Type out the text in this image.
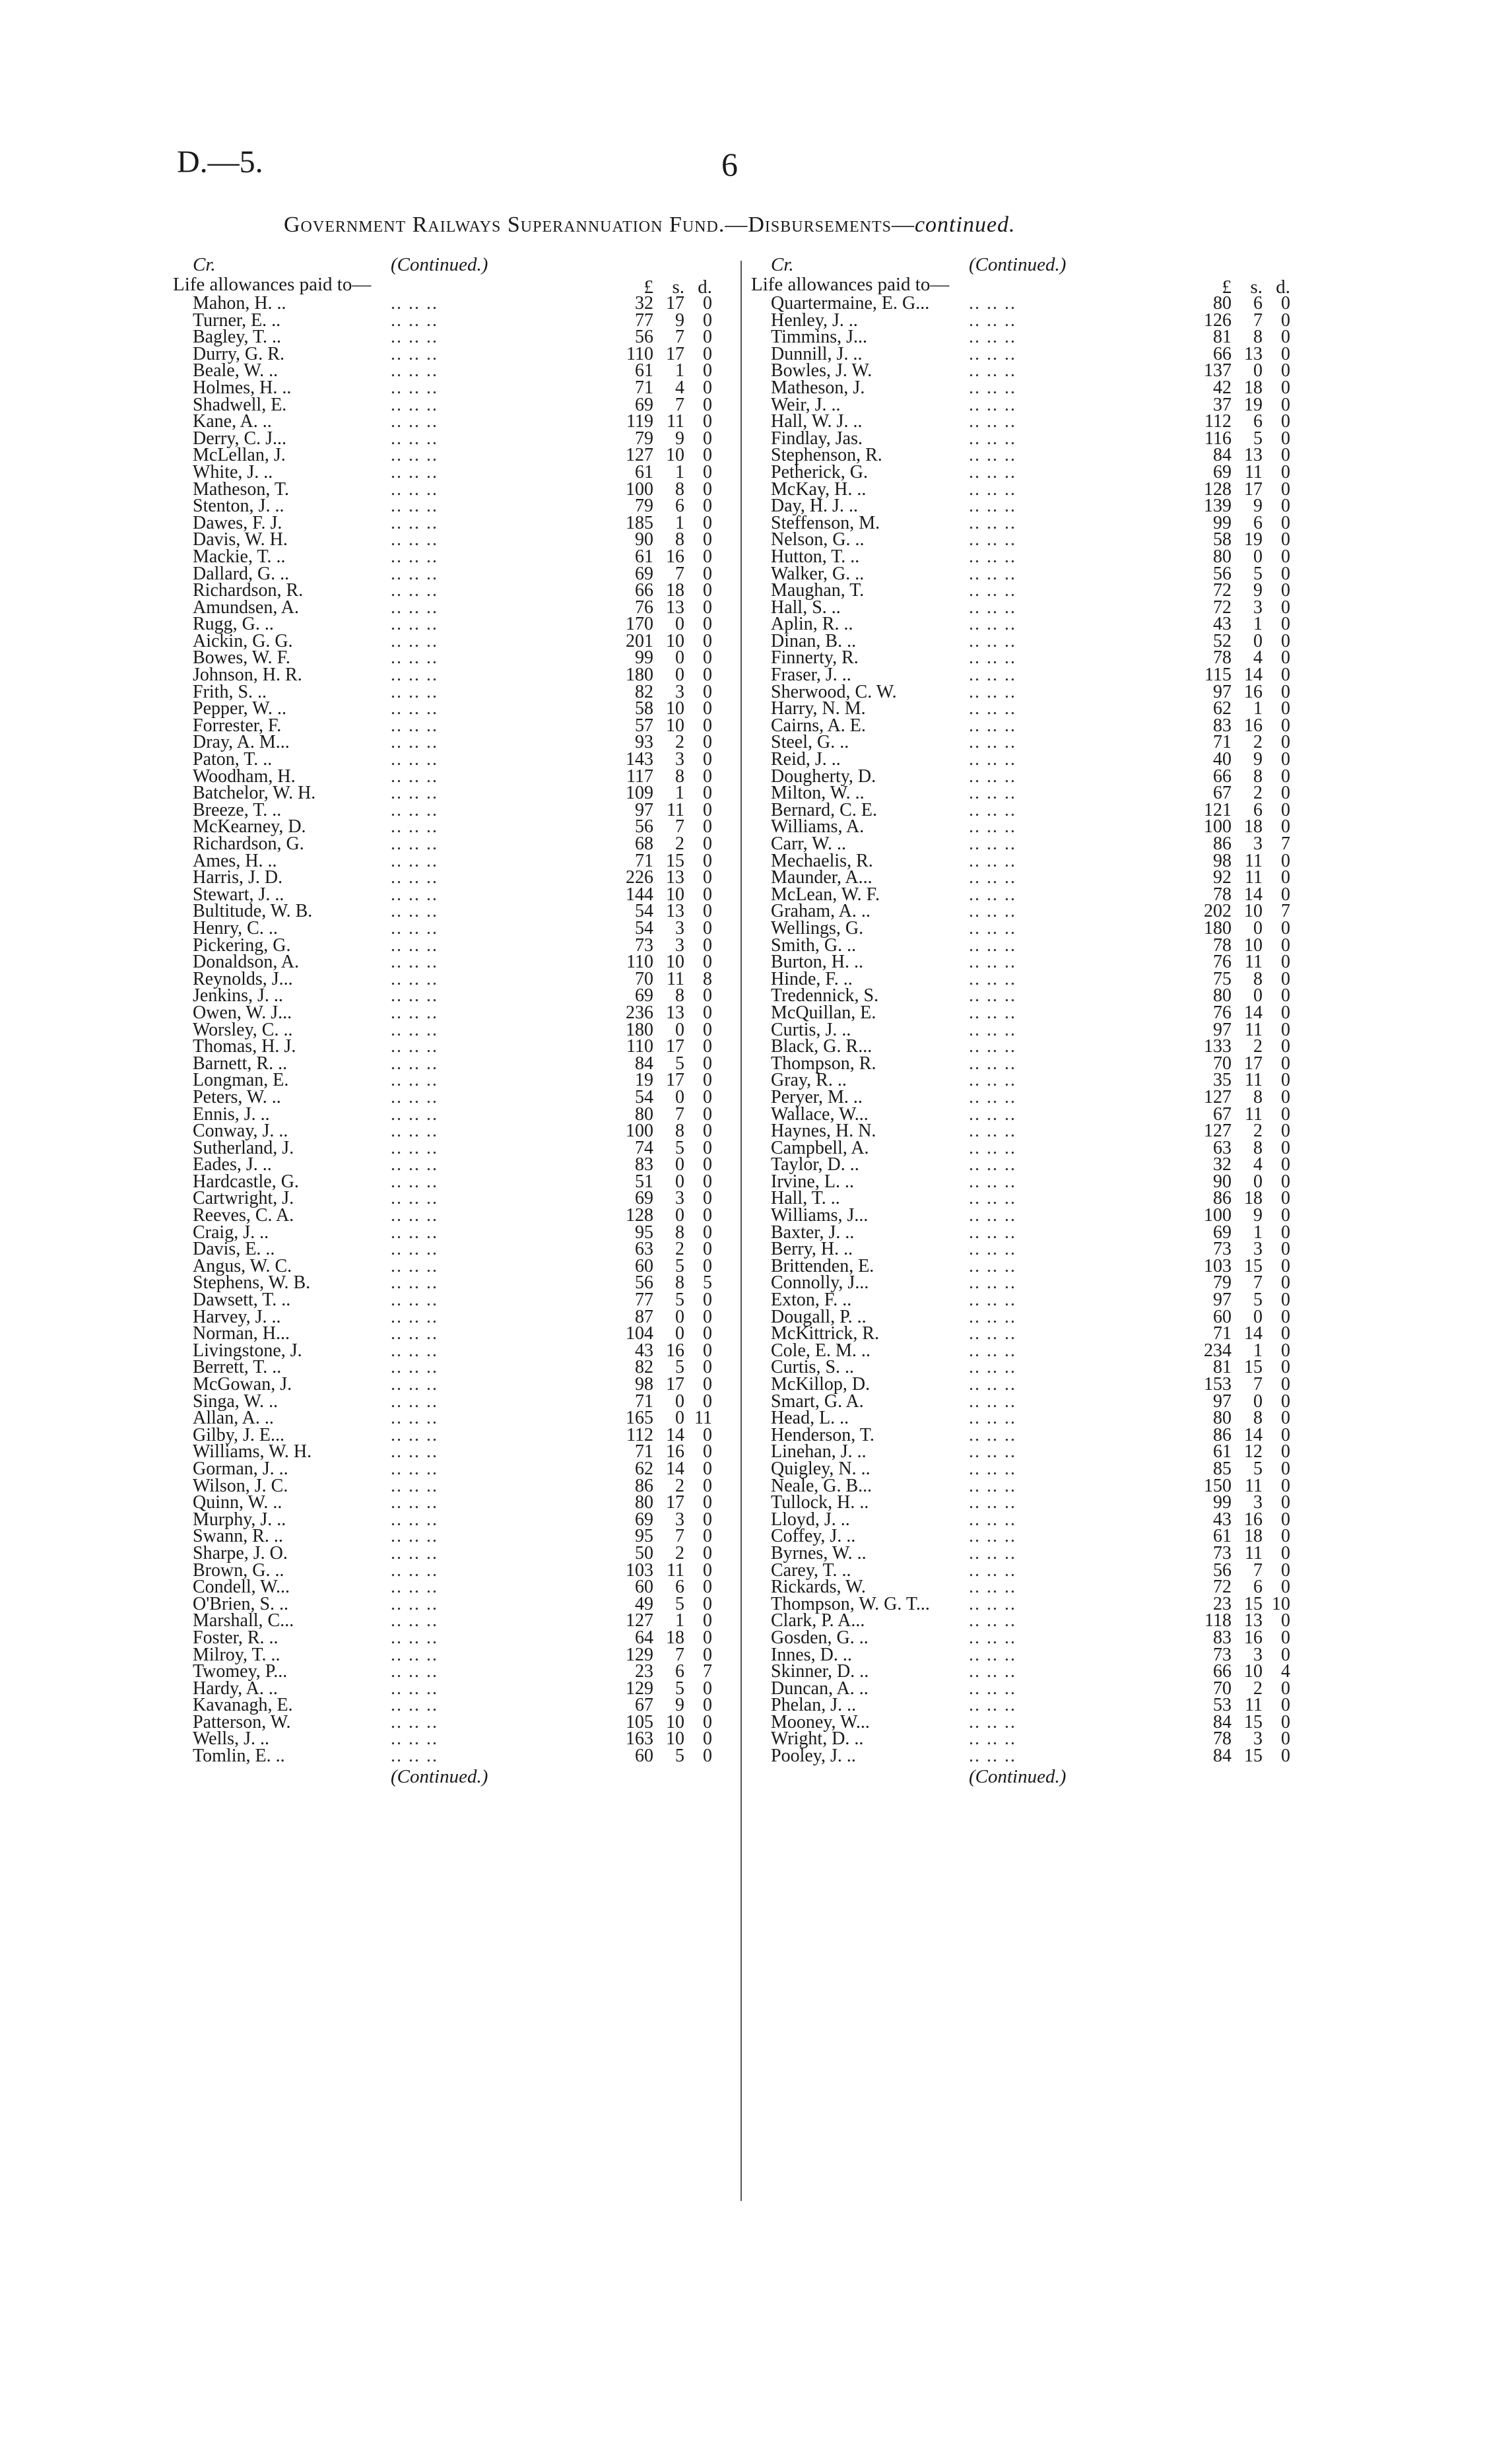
D.—5.	6
Government Railways Superannuation Fund.—Disbursements—continued.
Cr.	(Continued.)
Life allowances paid to—	£ s. d.
Mahon, H. ..	.. .. ..	32 17	0
Turner, E. ..	.. .. ..	77	9	0
Bagley, T. ..	.. .. ..	56	7	0
Durry, G. R.	.. .. ..	110 17	0
Beale, W. ..	.. .. ..	61	1	0
Holmes, H. ..	.. .. ..	71	4	0
Shadwell, E.	.. .. ..	69	7	0
Kane, A. ..	.. .. ..	119 11	0
Derry, C. J...	.. .. ..	79	9	0
McLellan, J.	.. .. ..	127 10	0
White, J. ..	.. .. ..	61	1	0
Matheson, T.	.. .. ..	100	8	0
Stenton, J. ..	.. .. ..	79	6	0
Dawes, F. J.	.. .. ..	185	1	0
Davis, W. H.	.. .. ..	90	8	0
Mackie, T. ..	.. .. ..	61 16	0
Dallard, G. ..	.. .. ..	69	7	0
Richardson, R.	.. .. ..	66 18	0
Amundsen, A.	.. .. ..	76 13	0
Rugg, G. ..	.. .. ..	170	0	0
Aickin, G. G.	.. .. ..	201 10	0
Bowes, W. F.	.. .. ..	99	0	0
Johnson, H. R.	.. .. ..	180	0	0
Frith, S. ..	.. .. ..	82	3	0
Pepper, W. ..	.. .. ..	58 10	0
Forrester, F.	.. .. ..	57 10	0
Dray, A. M...	.. .. ..	93	2	0
Paton, T. ..	.. .. ..	143	3	0
Woodham, H.	.. .. ..	117	8	0
Batchelor, W. H.	.. .. ..	109	1	0
Breeze, T. ..	.. .. ..	97 11	0
McKearney, D.	.. .. ..	56	7	0
Richardson, G.	.. .. ..	68	2	0
Ames, H. ..	.. .. ..	71 15	0
Harris, J. D.	.. .. ..	226 13	0
Stewart, J. ..	.. .. ..	144 10	0
Bultitude, W. B.	.. .. ..	54 13	0
Henry, C. ..	.. .. ..	54	3	0
Pickering, G.	.. .. ..	73	3	0
Donaldson, A.	.. .. ..	110 10	0
Reynolds, J...	.. .. ..	70 11	8
Jenkins, J. ..	.. .. ..	69	8	0
Owen, W. J...	.. .. ..	236 13	0
Worsley, C. ..	.. .. ..	180	0	0
Thomas, H. J.	.. .. ..	110 17	0
Barnett, R. ..	.. .. ..	84	5	0
Longman, E.	.. .. ..	19 17	0
Peters, W. ..	.. .. ..	54	0	0
Ennis, J. ..	.. .. ..	80	7	0
Conway, J. ..	.. .. ..	100	8	0
Sutherland, J.	.. .. ..	74	5	0
Eades, J. ..	.. .. ..	83	0	0
Hardcastle, G.	.. .. ..	51	0	0
Cartwright, J.	.. .. ..	69	3	0
Reeves, C. A.	.. .. ..	128	0	0
Craig, J. ..	.. .. ..	95	8	0
Davis, E. ..	.. .. ..	63	2	0
Angus, W. C.	.. .. ..	60	5	0
Stephens, W. B.	.. .. ..	56	8	5
Dawsett, T. ..	.. .. ..	77	5	0
Harvey, J. ..	.. .. ..	87	0	0
Norman, H...	.. .. ..	104	0	0
Livingstone, J.	.. .. ..	43 16	0
Berrett, T. ..	.. .. ..	82	5	0
McGowan, J.	.. .. ..	98 17	0
Singa, W. ..	.. .. ..	71	0	0
Allan, A. ..	.. .. ..	165	0 11
Gilby, J. E...	.. .. ..	112 14	0
Williams, W. H.	.. .. ..	71 16	0
Gorman, J. ..	.. .. ..	62 14	0
Wilson, J. C.	.. .. ..	86	2	0
Quinn, W. ..	.. .. ..	80 17	0
Murphy, J. ..	.. .. ..	69	3	0
Swann, R. ..	.. .. ..	95	7	0
Sharpe, J. O.	.. .. ..	50	2	0
Brown, G. ..	.. .. ..	103 11	0
Condell, W...	.. .. ..	60	6	0
O'Brien, S. ..	.. .. ..	49	5	0
Marshall, C...	.. .. ..	127	1	0
Foster, R. ..	.. .. ..	64 18	0
Milroy, T. ..	.. .. ..	129	7	0
Twomey, P...	.. .. ..	23	6	7
Hardy, A. ..	.. .. ..	129	5	0
Kavanagh, E.	.. .. ..	67	9	0
Patterson, W.	.. .. ..	105 10	0
Wells, J. ..	.. .. ..	163 10	0
Tomlin, E. ..	.. .. ..	60	5	0
(Continued.)
Cr.	(Continued.)
Life allowances paid to—	£ s. d.
Quartermaine, E. G... .. .. ..	80	6	0
Henley, J. ..	.. .. ..	126	7	0
Timmins, J...	.. .. ..	81	8	0
Dunnill, J. ..	.. .. ..	66 13	0
Bowles, J. W.	.. .. ..	137	0	0
Matheson, J.	.. .. ..	42 18	0
Weir, J. ..	.. .. ..	37 19	0
Hall, W. J. ..	.. .. ..	112	6	0
Findlay, Jas.	.. .. ..	116	5	0
Stephenson, R.	.. .. ..	84 13	0
Petherick, G.	.. .. ..	69 11	0
McKay, H. ..	.. .. ..	128 17	0
Day, H. J. ..	.. .. ..	139	9	0
Steffenson, M.	.. .. ..	99	6	0
Nelson, G. ..	.. .. ..	58 19	0
Hutton, T. ..	.. .. ..	80	0	0
Walker, G. ..	.. .. ..	56	5	0
Maughan, T.	.. .. ..	72	9	0
Hall, S. ..	.. .. ..	72	3	0
Aplin, R. ..	.. .. ..	43	1	0
Dinan, B. ..	.. .. ..	52	0	0
Finnerty, R.	.. .. ..	78	4	0
Fraser, J. ..	.. .. ..	115 14	0
Sherwood, C. W.	.. .. ..	97 16	0
Harry, N. M.	.. .. ..	62	1	0
Cairns, A. E.	.. .. ..	83 16	0
Steel, G. ..	.. .. ..	71	2	0
Reid, J. ..	.. .. ..	40	9	0
Dougherty, D.	.. .. ..	66	8	0
Milton, W. ..	.. .. ..	67	2	0
Bernard, C. E.	.. .. ..	121	6	0
Williams, A.	.. .. ..	100 18	0
Carr, W. ..	.. .. ..	86	3	7
Mechaelis, R.	.. .. ..	98 11	0
Maunder, A...	.. .. ..	92 11	0
McLean, W. F.	.. .. ..	78 14	0
Graham, A. ..	.. .. ..	202 10	7
Wellings, G.	.. .. ..	180	0	0
Smith, G. ..	.. .. ..	78 10	0
Burton, H. ..	.. .. ..	76 11	0
Hinde, F. ..	.. .. ..	75	8	0
Tredennick, S.	.. .. ..	80	0	0
McQuillan, E.	.. .. ..	76 14	0
Curtis, J. ..	.. .. ..	97 11	0
Black, G. R...	.. .. ..	133	2	0
Thompson, R.	.. .. ..	70 17	0
Gray, R. ..	.. .. ..	35 11	0
Peryer, M. ..	.. .. ..	127	8	0
Wallace, W...	.. .. ..	67 11	0
Haynes, H. N.	.. .. ..	127	2	0
Campbell, A.	.. .. ..	63	8	0
Taylor, D. ..	.. .. ..	32	4	0
Irvine, L. ..	.. .. ..	90	0	0
Hall, T. ..	.. .. ..	86 18	0
Williams, J...	.. .. ..	100	9	0
Baxter, J. ..	.. .. ..	69	1	0
Berry, H. ..	.. .. ..	73	3	0
Brittenden, E.	.. .. ..	103 15	0
Connolly, J...	.. .. ..	79	7	0
Exton, F. ..	.. .. ..	97	5	0
Dougall, P. ..	.. .. ..	60	0	0
McKittrick, R.	.. .. ..	71 14	0
Cole, E. M. ..	.. .. ..	234	1	0
Curtis, S. ..	.. .. ..	81 15	0
McKillop, D.	.. .. ..	153	7	0
Smart, G. A.	.. .. ..	97	0	0
Head, L. ..	.. .. ..	80	8	0
Henderson, T.	.. .. ..	86 14	0
Linehan, J. ..	.. .. ..	61 12	0
Quigley, N. ..	.. .. ..	85	5	0
Neale, G. B...	.. .. ..	150 11	0
Tullock, H. ..	.. .. ..	99	3	0
Lloyd, J. ..	.. .. ..	43 16	0
Coffey, J. ..	.. .. ..	61 18	0
Byrnes, W. ..	.. .. ..	73 11	0
Carey, T. ..	.. .. ..	56	7	0
Rickards, W.	.. .. ..	72	6	0
Thompson, W. G. T... .. .. ..	23 15 10
Clark, P. A...	.. .. ..	118 13	0
Gosden, G. ..	.. .. ..	83 16	0
Innes, D. ..	.. .. ..	73	3	0
Skinner, D. ..	.. .. ..	66 10	4
Duncan, A. ..	.. .. ..	70	2	0
Phelan, J. ..	.. .. ..	53 11	0
Mooney, W...	.. .. ..	84 15	0
Wright, D. ..	.. .. ..	78	3	0
Pooley, J. ..	.. .. ..	84 15	0
(Continued.)
